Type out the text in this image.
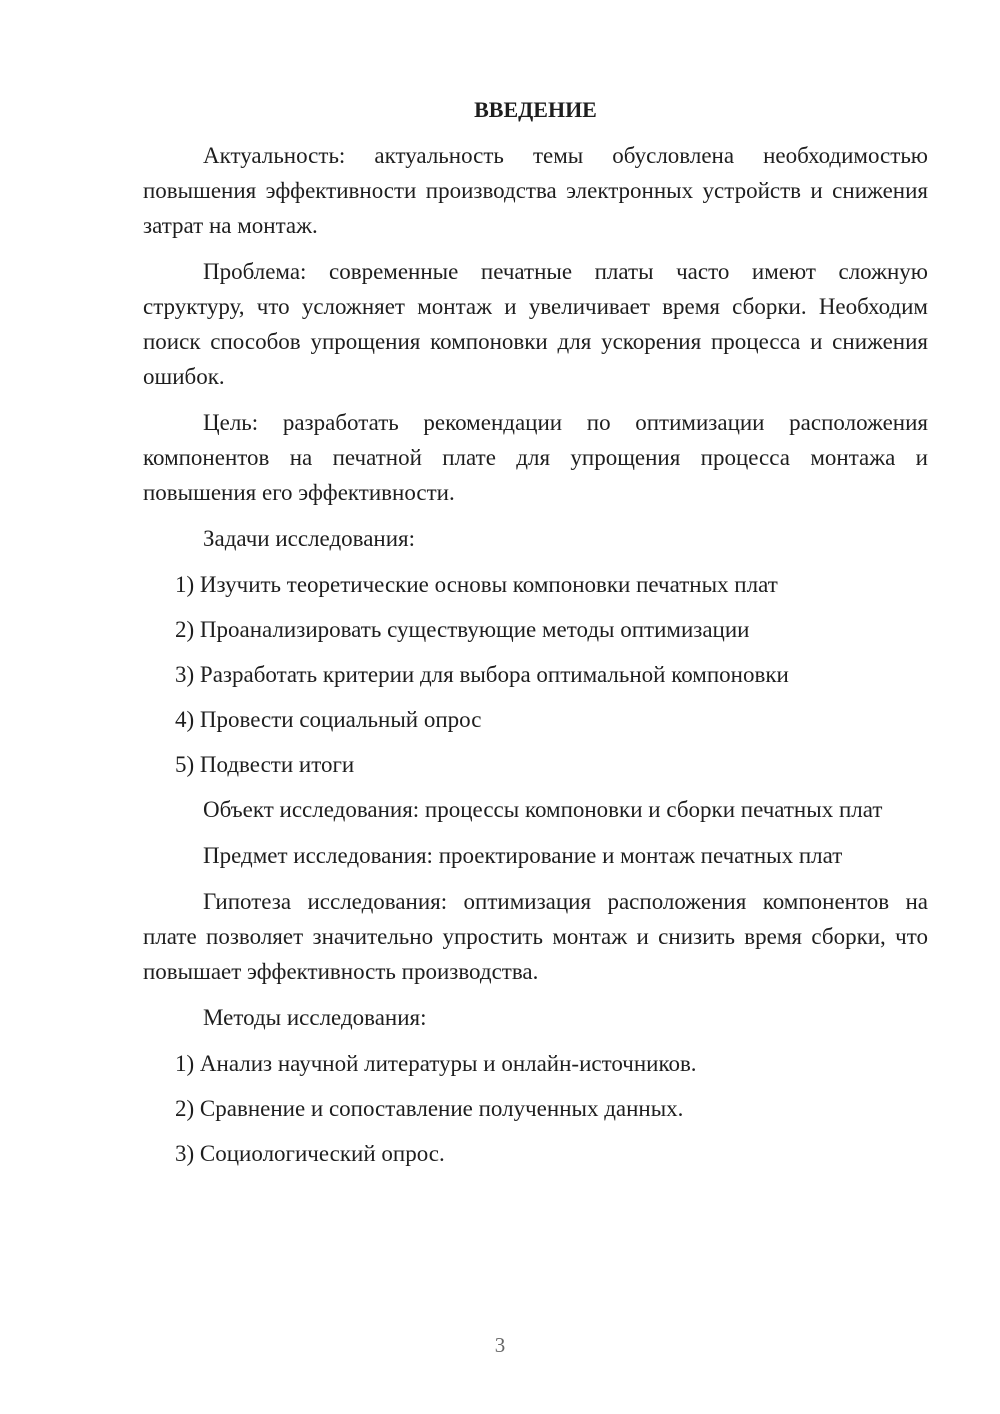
ВВЕДЕНИЕ

Актуальность: актуальность темы обусловлена необходимостью повышения эффективности производства электронных устройств и снижения затрат на монтаж.

Проблема: современные печатные платы часто имеют сложную структуру, что усложняет монтаж и увеличивает время сборки. Необходим поиск способов упрощения компоновки для ускорения процесса и снижения ошибок.

Цель: разработать рекомендации по оптимизации расположения компонентов на печатной плате для упрощения процесса монтажа и повышения его эффективности.

Задачи исследования:

1) Изучить теоретические основы компоновки печатных плат
2) Проанализировать существующие методы оптимизации
3) Разработать критерии для выбора оптимальной компоновки
4) Провести социальный опрос
5) Подвести итоги

Объект исследования: процессы компоновки и сборки печатных плат

Предмет исследования: проектирование и монтаж печатных плат

Гипотеза исследования: оптимизация расположения компонентов на плате позволяет значительно упростить монтаж и снизить время сборки, что повышает эффективность производства.

Методы исследования:

1) Анализ научной литературы и онлайн-источников.
2) Сравнение и сопоставление полученных данных.
3) Социологический опрос.
3
